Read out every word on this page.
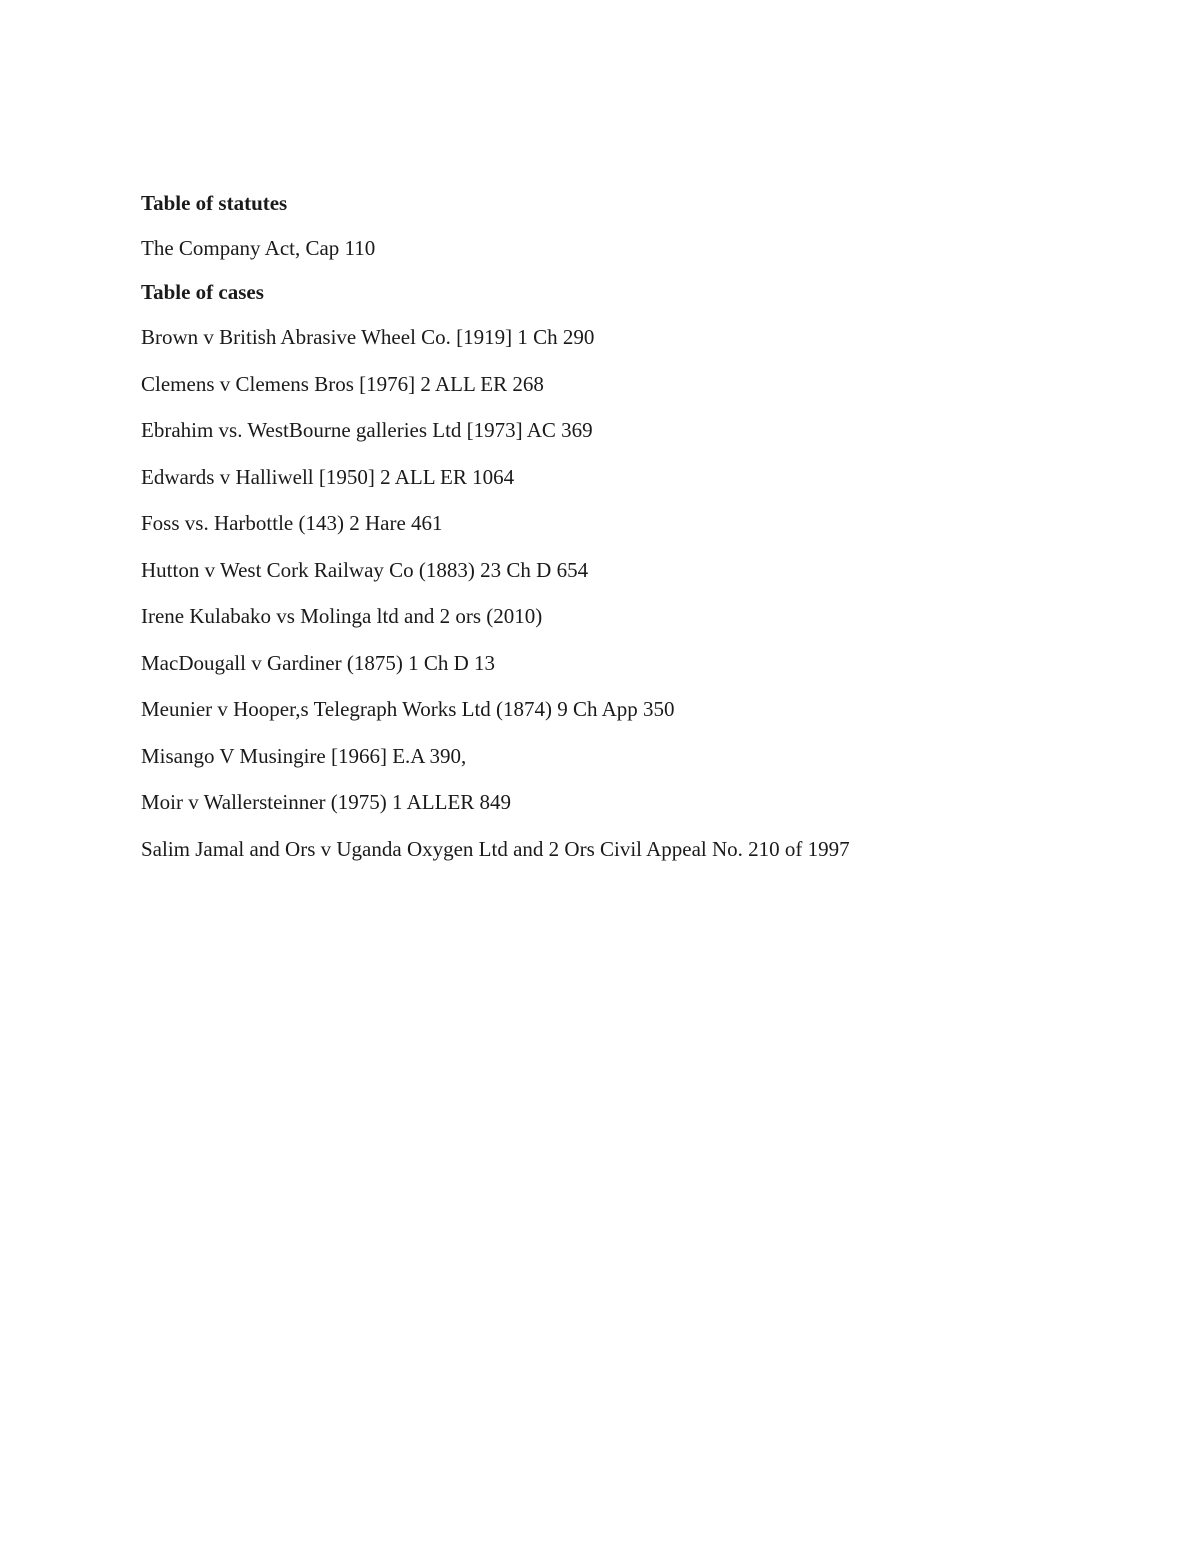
Table of statutes
The Company Act, Cap 110
Table of cases
Brown v British Abrasive Wheel Co. [1919] 1 Ch 290
Clemens v Clemens Bros [1976] 2 ALL ER 268
Ebrahim vs. WestBourne galleries Ltd [1973] AC 369
Edwards v Halliwell [1950] 2 ALL ER 1064
Foss vs. Harbottle (143) 2 Hare 461
Hutton v West Cork Railway Co (1883) 23 Ch D 654
Irene Kulabako vs Molinga ltd and 2 ors (2010)
MacDougall v Gardiner (1875) 1 Ch D 13
Meunier v Hooper,s Telegraph Works Ltd (1874) 9 Ch App 350
Misango V Musingire [1966] E.A 390,
Moir v Wallersteinner (1975) 1 ALLER 849
Salim Jamal and Ors v Uganda Oxygen Ltd and 2 Ors Civil Appeal No. 210 of 1997
